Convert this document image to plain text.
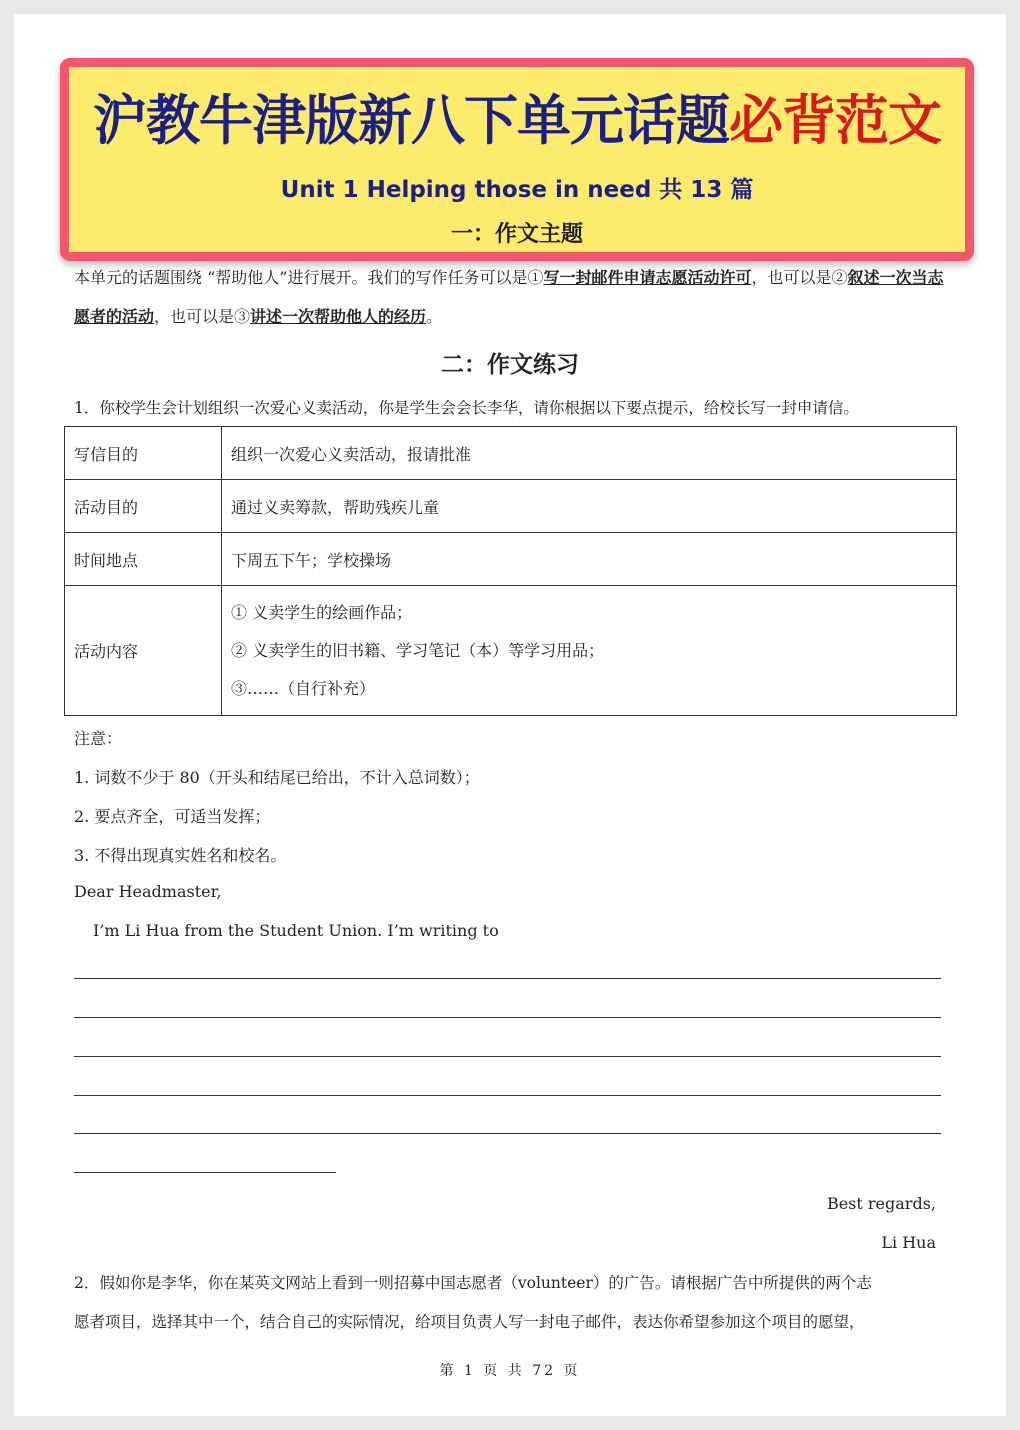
沪教牛津版新八下单元话题必背范文
Unit 1 Helping those in need 共 13 篇
一：作文主题
本单元的话题围绕 “帮助他人”进行展开。我们的写作任务可以是①写一封邮件申请志愿活动许可，也可以是②叙述一次当志愿者的活动，也可以是③讲述一次帮助他人的经历。
二：作文练习
1．你校学生会计划组织一次爱心义卖活动，你是学生会会长李华，请你根据以下要点提示，给校长写一封申请信。
写信目的	组织一次爱心义卖活动，报请批准
活动目的	通过义卖筹款，帮助残疾儿童
时间地点	下周五下午；学校操场
活动内容	① 义卖学生的绘画作品；
② 义卖学生的旧书籍、学习笔记（本）等学习用品；
③……（自行补充）
注意：
1. 词数不少于 80（开头和结尾已给出，不计入总词数）；
2. 要点齐全，可适当发挥；
3. 不得出现真实姓名和校名。
Dear Headmaster,
I’m Li Hua from the Student Union. I’m writing to
Best regards,
Li Hua
2．假如你是李华，你在某英文网站上看到一则招募中国志愿者（volunteer）的广告。请根据广告中所提供的两个志
愿者项目，选择其中一个，结合自己的实际情况，给项目负责人写一封电子邮件，表达你希望参加这个项目的愿望，
第 1 页 共 72 页
